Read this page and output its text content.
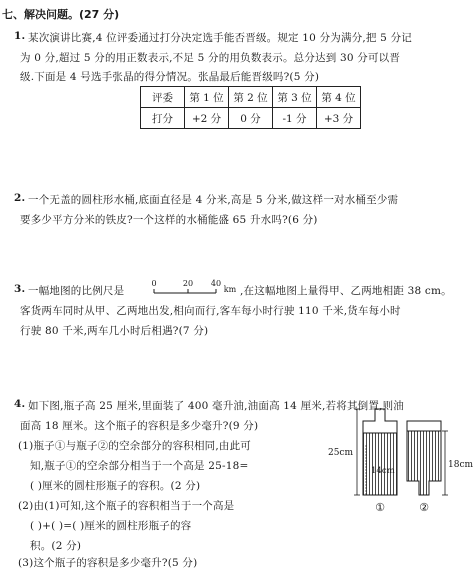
七、解决问题。(27 分)
1. 某次演讲比赛,4 位评委通过打分决定选手能否晋级。规定 10 分为满分,把 5 分记
为 0 分,超过 5 分的用正数表示,不足 5 分的用负数表示。总分达到 30 分可以晋
级.下面是 4 号选手张晶的得分情况。张晶最后能晋级吗?(5 分)
评委	第 1 位	第 2 位	第 3 位	第 4 位
打分	+2 分	0 分	-1 分	+3 分
2. 一个无盖的圆柱形水桶,底面直径是 4 分米,高是 5 分米,做这样一对水桶至少需
要多少平方分米的铁皮?一个这样的水桶能盛 65 升水吗?(6 分)
3. 一幅地图的比例尺是
0	20 40
km ,在这幅地图上量得甲、乙两地相距 38 cm。
客货两车同时从甲、乙两地出发,相向而行,客车每小时行驶 110 千米,货车每小时
行驶 80 千米,两车几小时后相遇?(7 分)
4. 如下图,瓶子高 25 厘米,里面装了 400 毫升油,油面高 14 厘米,若将其倒置,则油
面高 18 厘米。这个瓶子的容积是多少毫升?(9 分)
(1)瓶子①与瓶子②的空余部分的容积相同,由此可
知,瓶子①的空余部分相当于一个高是 25-18=
( )厘米的圆柱形瓶子的容积。(2 分)
(2)由(1)可知,这个瓶子的容积相当于一个高是
( )+( )=( )厘米的圆柱形瓶子的容
积。(2 分)
(3)这个瓶子的容积是多少毫升?(5 分)
25cm
14cm
18cm
①	②
